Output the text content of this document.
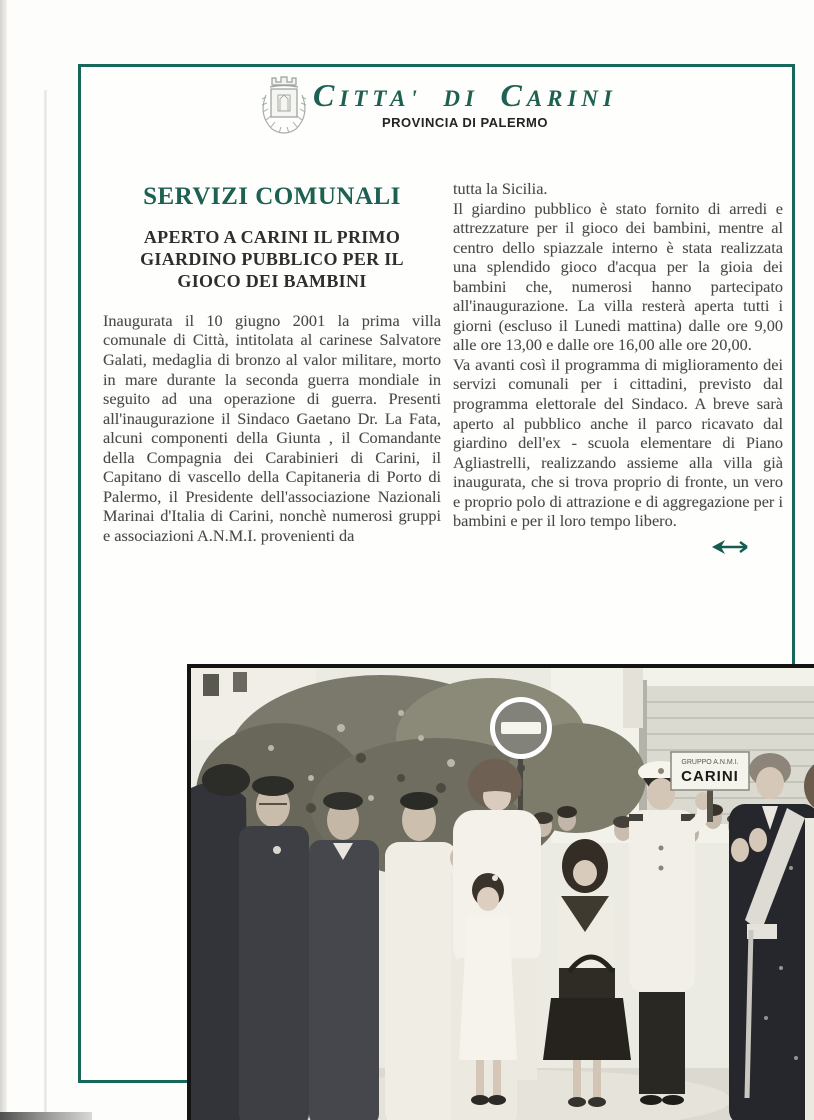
CITTA' DI CARINI
PROVINCIA DI PALERMO
SERVIZI COMUNALI
APERTO A CARINI IL PRIMO
GIARDINO PUBBLICO PER IL
GIOCO DEI BAMBINI
Inaugurata il 10 giugno 2001 la prima villa comunale di Città, intitolata al carinese Salvatore Galati, medaglia di bronzo al valor militare, morto in mare durante la seconda guerra mondiale in seguito ad una operazione di guerra. Presenti all'inaugurazione il Sindaco Gaetano Dr. La Fata, alcuni componenti della Giunta , il Comandante della Compagnia dei Carabinieri di Carini, il Capitano di vascello della Capitaneria di Porto di Palermo, il Presidente dell'associazione Nazionali Marinai d'Italia di Carini, nonchè numerosi gruppi e associazioni A.N.M.I. provenienti da

tutta la Sicilia.

Il giardino pubblico è stato fornito di arredi e attrezzature per il gioco dei bambini, mentre al centro dello spiazzale interno è stata realizzata una splendido gioco d'acqua per la gioia dei bambini che, numerosi hanno partecipato all'inaugurazione. La villa resterà aperta tutti i giorni (escluso il Lunedi mattina) dalle ore 9,00 alle ore 13,00 e dalle ore 16,00 alle ore 20,00.

Va avanti così il programma di miglioramento dei servizi comunali per i cittadini, previsto dal programma elettorale del Sindaco. A breve sarà aperto al pubblico anche il parco ricavato dal giardino dell'ex - scuola elementare di Piano Agliastrelli, realizzando assieme alla villa già inaugurata, che si trova proprio di fronte, un vero e proprio polo di attrazione e di aggregazione per i bambini e per il loro tempo libero.

GRUPPO A.N.M.I.
CARINI
